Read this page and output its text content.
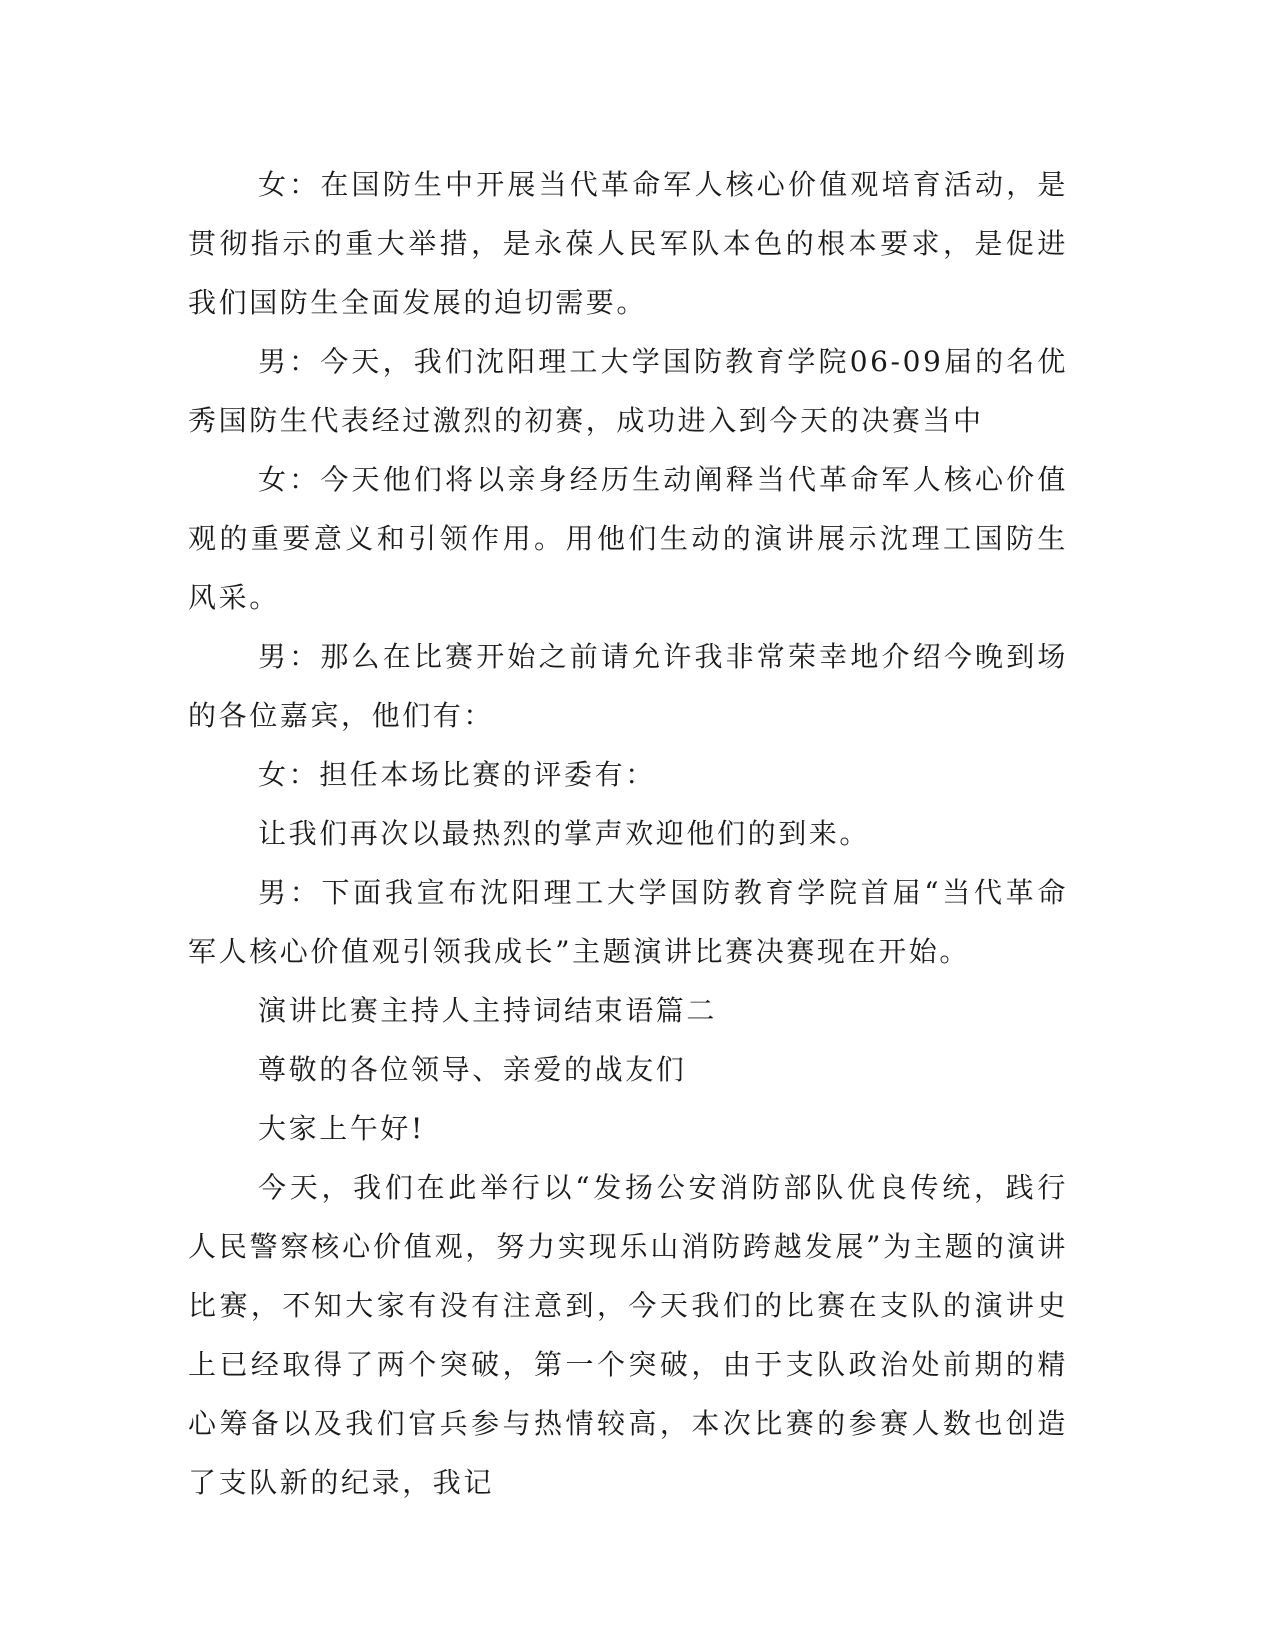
女：在国防生中开展当代革命军人核心价值观培育活动，是贯彻指示的重大举措，是永葆人民军队本色的根本要求，是促进我们国防生全面发展的迫切需要。

男：今天，我们沈阳理工大学国防教育学院06-09届的名优秀国防生代表经过激烈的初赛，成功进入到今天的决赛当中

女：今天他们将以亲身经历生动阐释当代革命军人核心价值观的重要意义和引领作用。用他们生动的演讲展示沈理工国防生风采。

男：那么在比赛开始之前请允许我非常荣幸地介绍今晚到场的各位嘉宾，他们有：

女：担任本场比赛的评委有：

让我们再次以最热烈的掌声欢迎他们的到来。

男：下面我宣布沈阳理工大学国防教育学院首届“当代革命军人核心价值观引领我成长”主题演讲比赛决赛现在开始。

演讲比赛主持人主持词结束语篇二

尊敬的各位领导、亲爱的战友们

大家上午好!

今天，我们在此举行以“发扬公安消防部队优良传统，践行人民警察核心价值观，努力实现乐山消防跨越发展”为主题的演讲比赛，不知大家有没有注意到，今天我们的比赛在支队的演讲史上已经取得了两个突破，第一个突破，由于支队政治处前期的精心筹备以及我们官兵参与热情较高，本次比赛的参赛人数也创造了支队新的纪录，我记
